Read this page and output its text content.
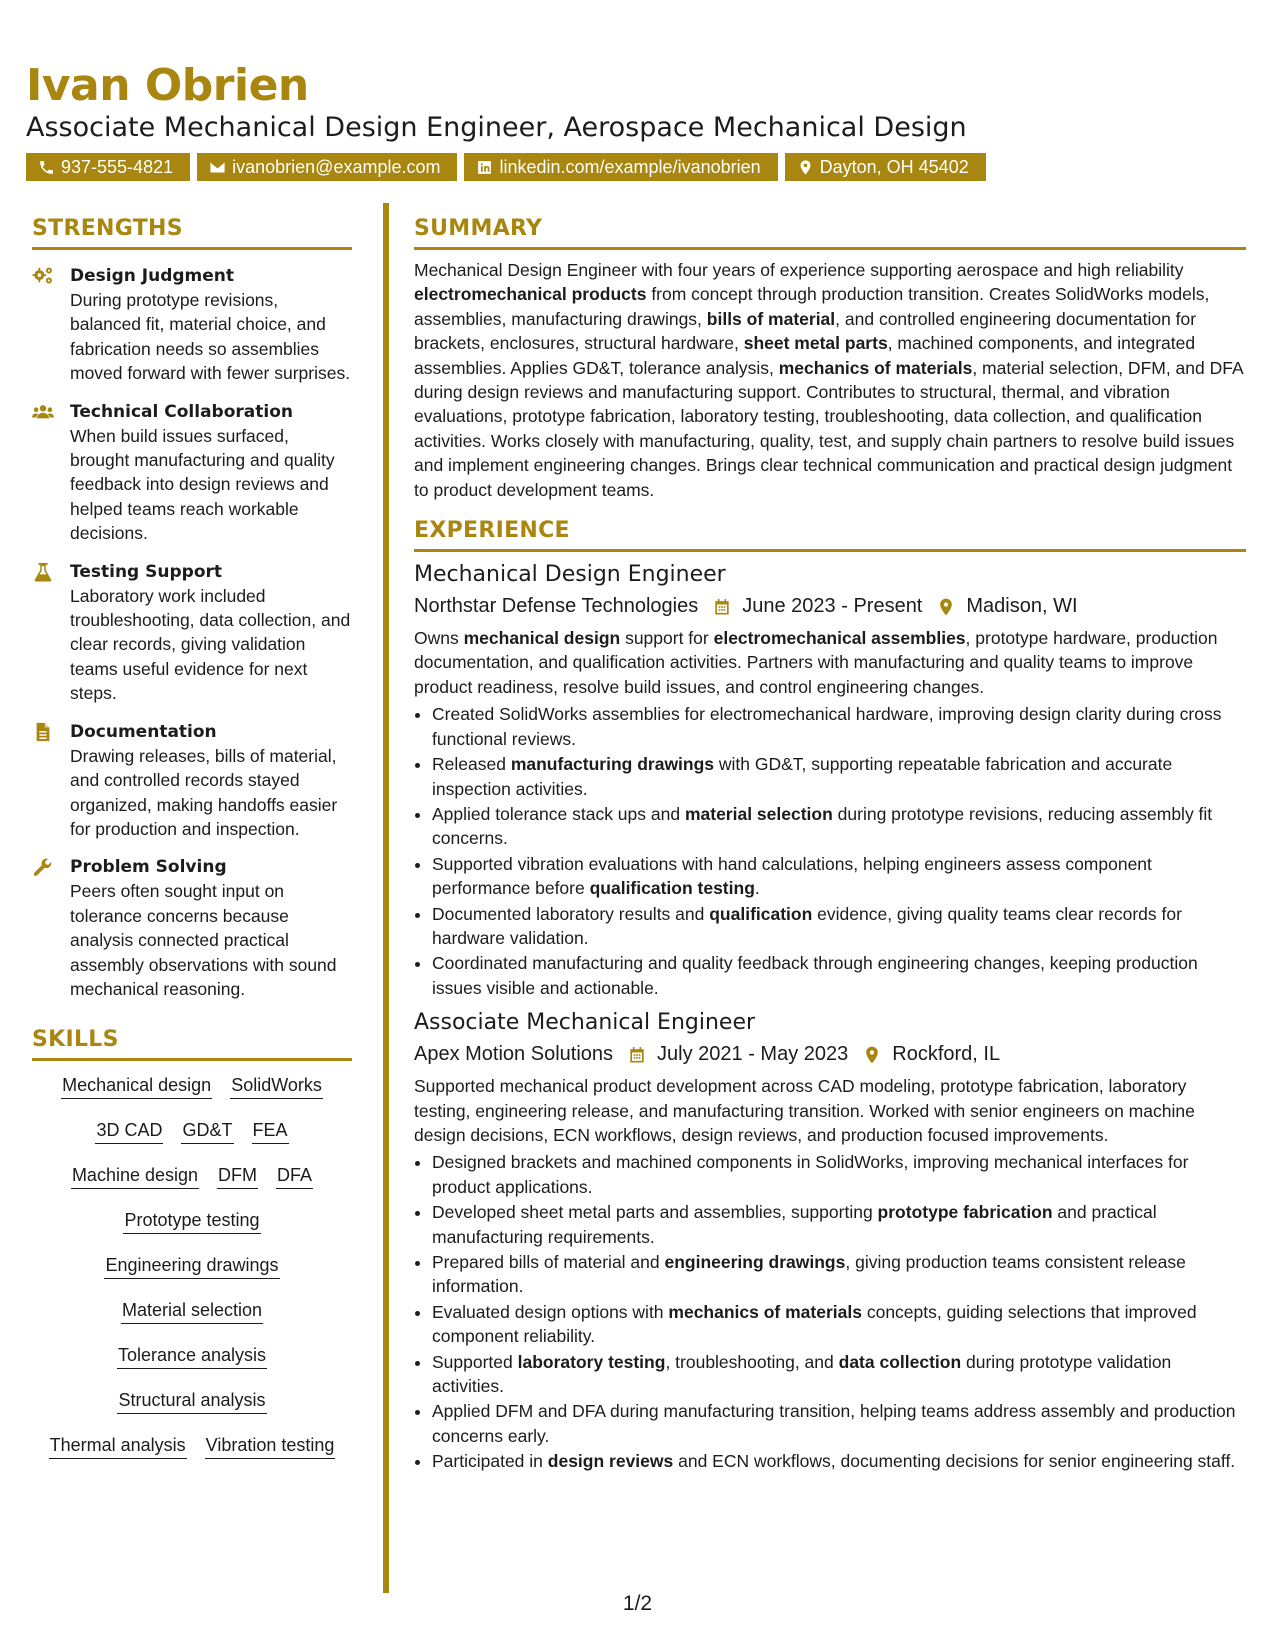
Ivan Obrien
Associate Mechanical Design Engineer, Aerospace Mechanical Design
937-555-4821	ivanobrien@example.com	linkedin.com/example/ivanobrien	Dayton, OH 45402
STRENGTHS
Design Judgment
During prototype revisions, balanced fit, material choice, and fabrication needs so assemblies moved forward with fewer surprises.
Technical Collaboration
When build issues surfaced, brought manufacturing and quality feedback into design reviews and helped teams reach workable decisions.
Testing Support
Laboratory work included troubleshooting, data collection, and clear records, giving validation teams useful evidence for next steps.
Documentation
Drawing releases, bills of material, and controlled records stayed organized, making handoffs easier for production and inspection.
Problem Solving
Peers often sought input on tolerance concerns because analysis connected practical assembly observations with sound mechanical reasoning.
SKILLS
Mechanical design SolidWorks
3D CAD GD&T FEA
Machine design DFM DFA
Prototype testing
Engineering drawings
Material selection
Tolerance analysis
Structural analysis
Thermal analysis Vibration testing
SUMMARY

Mechanical Design Engineer with four years of experience supporting aerospace and high reliability electromechanical products from concept through production transition. Creates SolidWorks models, assemblies, manufacturing drawings, bills of material, and controlled engineering documentation for brackets, enclosures, structural hardware, sheet metal parts, machined components, and integrated assemblies. Applies GD&T, tolerance analysis, mechanics of materials, material selection, DFM, and DFA during design reviews and manufacturing support. Contributes to structural, thermal, and vibration evaluations, prototype fabrication, laboratory testing, troubleshooting, data collection, and qualification activities. Works closely with manufacturing, quality, test, and supply chain partners to resolve build issues and implement engineering changes. Brings clear technical communication and practical design judgment to product development teams.

EXPERIENCE
Mechanical Design Engineer
Northstar Defense Technologies June 2023 - Present Madison, WI

Owns mechanical design support for electromechanical assemblies, prototype hardware, production documentation, and qualification activities. Partners with manufacturing and quality teams to improve product readiness, resolve build issues, and control engineering changes.

• Created SolidWorks assemblies for electromechanical hardware, improving design clarity during cross functional reviews.
• Released manufacturing drawings with GD&T, supporting repeatable fabrication and accurate inspection activities.
• Applied tolerance stack ups and material selection during prototype revisions, reducing assembly fit concerns.
• Supported vibration evaluations with hand calculations, helping engineers assess component performance before qualification testing.
• Documented laboratory results and qualification evidence, giving quality teams clear records for hardware validation.
• Coordinated manufacturing and quality feedback through engineering changes, keeping production issues visible and actionable.
Associate Mechanical Engineer
Apex Motion Solutions July 2021 - May 2023 Rockford, IL

Supported mechanical product development across CAD modeling, prototype fabrication, laboratory testing, engineering release, and manufacturing transition. Worked with senior engineers on machine design decisions, ECN workflows, design reviews, and production focused improvements.

• Designed brackets and machined components in SolidWorks, improving mechanical interfaces for product applications.
• Developed sheet metal parts and assemblies, supporting prototype fabrication and practical manufacturing requirements.
• Prepared bills of material and engineering drawings, giving production teams consistent release information.
• Evaluated design options with mechanics of materials concepts, guiding selections that improved component reliability.
• Supported laboratory testing, troubleshooting, and data collection during prototype validation activities.
• Applied DFM and DFA during manufacturing transition, helping teams address assembly and production concerns early.
• Participated in design reviews and ECN workflows, documenting decisions for senior engineering staff.
1/2
